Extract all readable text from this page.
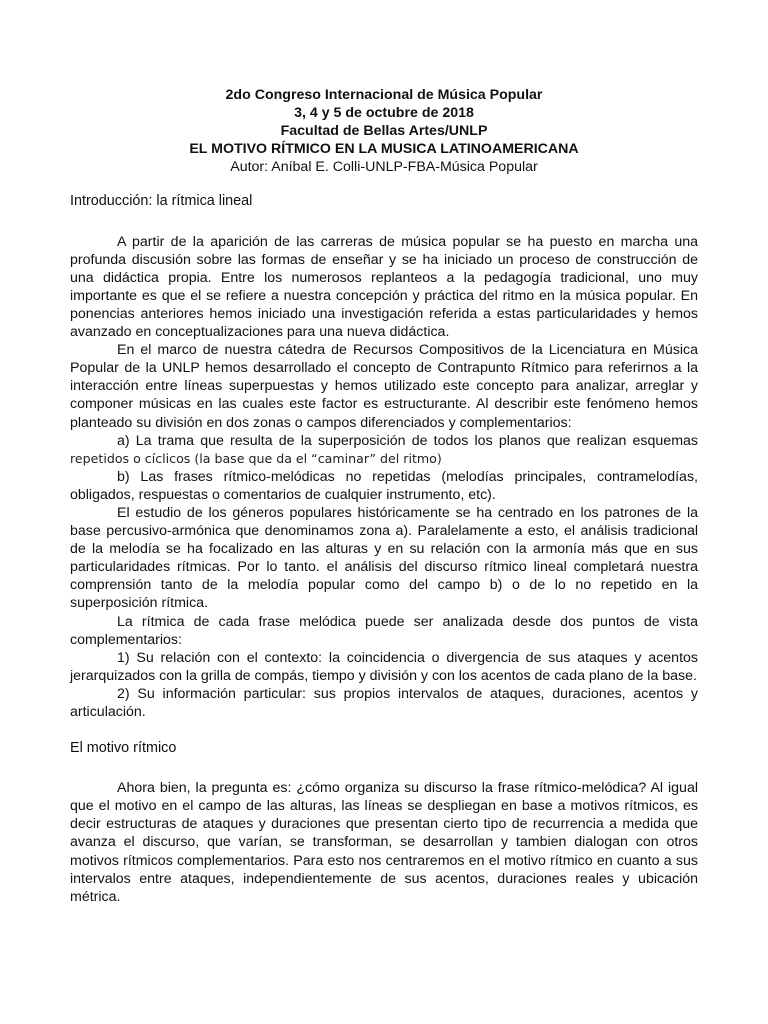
2do Congreso Internacional de Música Popular
3, 4 y 5 de octubre de 2018
Facultad de Bellas Artes/UNLP
EL MOTIVO RÍTMICO EN LA MUSICA LATINOAMERICANA
Autor: Aníbal E. Colli-UNLP-FBA-Música Popular
Introducción: la rítmica lineal

A partir de la aparición de las carreras de música popular se ha puesto en marcha una profunda discusión sobre las formas de enseñar y se ha iniciado un proceso de construcción de una didáctica propia. Entre los numerosos replanteos a la pedagogía tradicional, uno muy importante es que el se refiere a nuestra concepción y práctica del ritmo en la música popular. En ponencias anteriores hemos iniciado una investigación referida a estas particularidades y hemos avanzado en conceptualizaciones para una nueva didáctica.

En el marco de nuestra cátedra de Recursos Compositivos de la Licenciatura en Música Popular de la UNLP hemos desarrollado el concepto de Contrapunto Rítmico para referirnos a la interacción entre líneas superpuestas y hemos utilizado este concepto para analizar, arreglar y componer músicas en las cuales este factor es estructurante. Al describir este fenómeno hemos planteado su división en dos zonas o campos diferenciados y complementarios:

a) La trama que resulta de la superposición de todos los planos que realizan esquemas repetidos o cíclicos (la base que da el “caminar” del ritmo)

b) Las frases rítmico-melódicas no repetidas (melodías principales, contramelodías, obligados, respuestas o comentarios de cualquier instrumento, etc).

El estudio de los géneros populares históricamente se ha centrado en los patrones de la base percusivo-armónica que denominamos zona a). Paralelamente a esto, el análisis tradicional de la melodía se ha focalizado en las alturas y en su relación con la armonía más que en sus particularidades rítmicas. Por lo tanto. el análisis del discurso rítmico lineal completará nuestra comprensión tanto de la melodía popular como del campo b) o de lo no repetido en la superposición rítmica.

La rítmica de cada frase melódica puede ser analizada desde dos puntos de vista complementarios:

1) Su relación con el contexto: la coincidencia o divergencia de sus ataques y acentos jerarquizados con la grilla de compás, tiempo y división y con los acentos de cada plano de la base.

2) Su información particular: sus propios intervalos de ataques, duraciones, acentos y articulación.

El motivo rítmico

Ahora bien, la pregunta es: ¿cómo organiza su discurso la frase rítmico-melódica? Al igual que el motivo en el campo de las alturas, las líneas se despliegan en base a motivos rítmicos, es decir estructuras de ataques y duraciones que presentan cierto tipo de recurrencia a medida que avanza el discurso, que varían, se transforman, se desarrollan y tambien dialogan con otros motivos rítmicos complementarios. Para esto nos centraremos en el motivo rítmico en cuanto a sus intervalos entre ataques, independientemente de sus acentos, duraciones reales y ubicación métrica.
